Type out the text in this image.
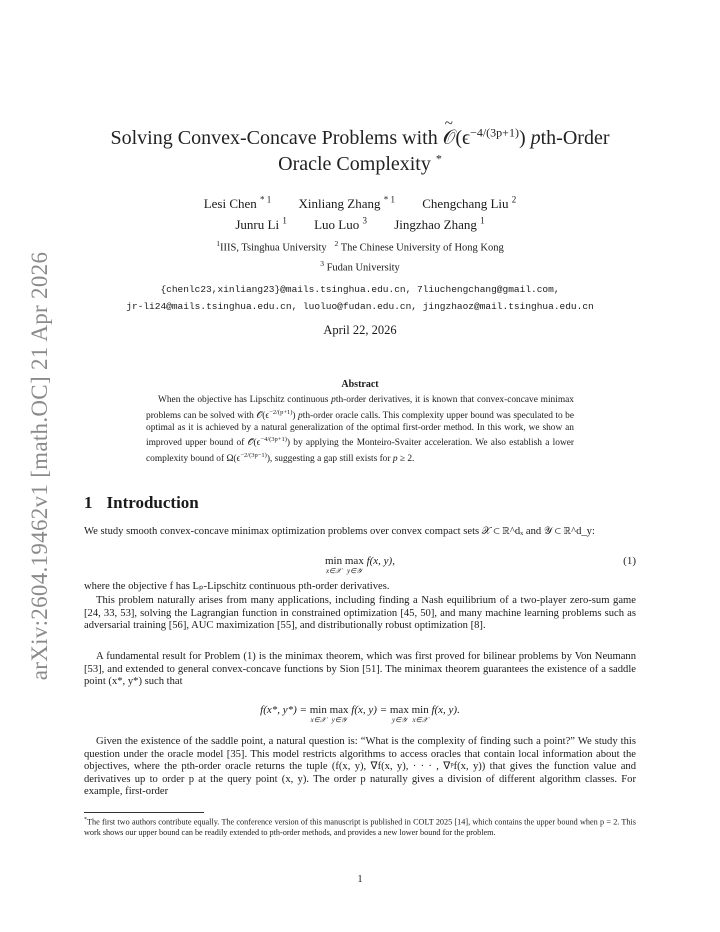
arXiv:2604.19462v1 [math.OC] 21 Apr 2026
Solving Convex-Concave Problems with ~ $𝒪(\epsilon^{-4/(3p+1)})$ pth-Order
Oracle Complexity *
Lesi Chen $^{* 1}$ Xinliang Zhang $^{* 1}$ Chengchang Liu $^2$
Junru Li $^1$ Luo Luo $^3$ Jingzhao Zhang $^1$
$^1$IIIS, Tsinghua University $^2$ The Chinese University of Hong Kong
$^3$ Fudan University
{chenlc23,xinliang23}@mails.tsinghua.edu.cn, 7liuchengchang@gmail.com,
jr-li24@mails.tsinghua.edu.cn, luoluo@fudan.edu.cn, jingzhaoz@mail.tsinghua.edu.cn
April 22, 2026
Abstract
When the objective has Lipschitz continuous pth-order derivatives, it is known that convex-concave minimax problems can be solved with $𝒪(\epsilon^{-2/(p+1)})$ pth-order oracle calls. This complexity upper bound was speculated to be optimal as it is achieved by a natural generalization of the optimal first-order method. In this work, we show an improved upper bound of $𝒪̃(\epsilon^{-4/(3p+1)})$ by applying the Monteiro-Svaiter acceleration. We also establish a lower complexity bound of $\Omega(\epsilon^{-2/(3p-1)})$, suggesting a gap still exists for p ≥ 2.
1 Introduction
We study smooth convex-concave minimax optimization problems over convex compact sets 𝒳 ⊂ ℝ^dₓ and 𝒴 ⊂ ℝ^d_y:
min
x∈𝒳
max
y∈𝒴
f(x, y),	(1)
where the objective f has Lₚ-Lipschitz continuous pth-order derivatives.
This problem naturally arises from many applications, including finding a Nash equilibrium of a two-player zero-sum game [24, 33, 53], solving the Lagrangian function in constrained optimization [45, 50], and many machine learning problems such as adversarial training [56], AUC maximization [55], and distributionally robust optimization [8].
A fundamental result for Problem (1) is the minimax theorem, which was first proved for bilinear problems by Von Neumann [53], and extended to general convex-concave functions by Sion [51]. The minimax theorem guarantees the existence of a saddle point (x*, y*) such that
f(x*, y*) = min
x∈𝒳
max
y∈𝒴
f(x, y) = max
y∈𝒴
min
x∈𝒳
f(x, y).
Given the existence of the saddle point, a natural question is: “What is the complexity of finding such a point?” We study this question under the oracle model [35]. This model restricts algorithms to access oracles that contain local information about the objectives, where the pth-order oracle returns the tuple (f(x, y), ∇f(x, y), · · · , ∇ᵖf(x, y)) that gives the function value and derivatives up to order p at the query point (x, y). The order p naturally gives a division of different algorithm classes. For example, first-order
*The first two authors contribute equally. The conference version of this manuscript is published in COLT 2025 [14], which contains the upper bound when p = 2. This work shows our upper bound can be readily extended to pth-order methods, and provides a new lower bound for the problem.
1
